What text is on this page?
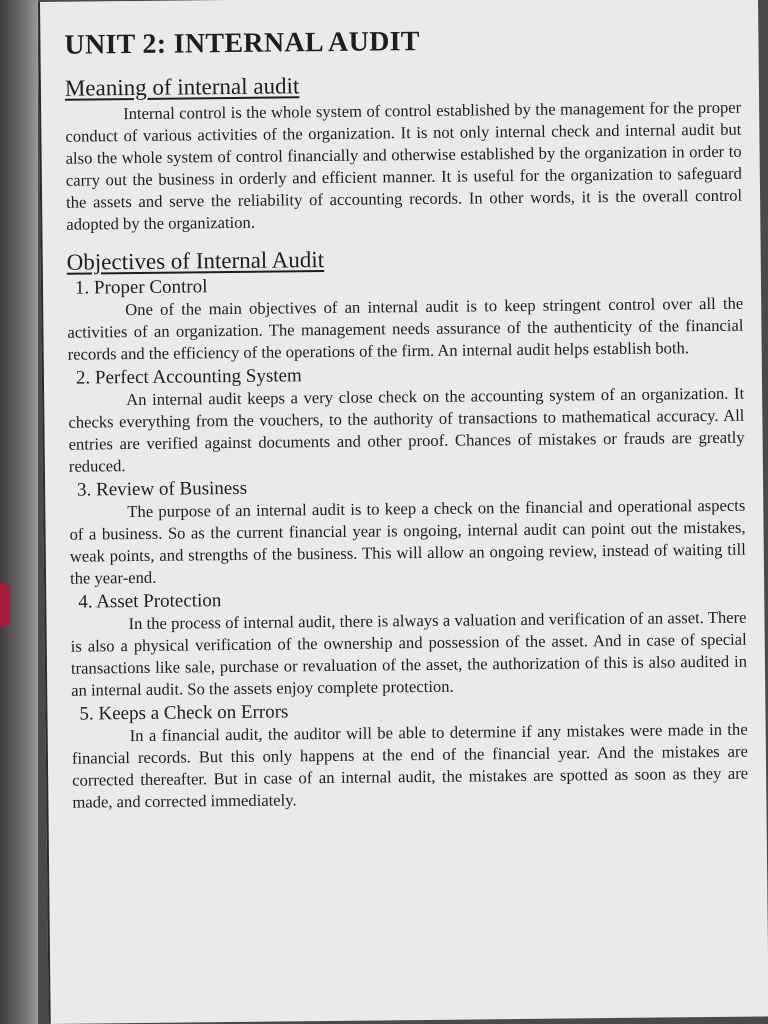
UNIT 2: INTERNAL AUDIT
Meaning of internal audit

Internal control is the whole system of control established by the management for the proper conduct of various activities of the organization. It is not only internal check and internal audit but also the whole system of control financially and otherwise established by the organization in order to carry out the business in orderly and efficient manner. It is useful for the organization to safeguard the assets and serve the reliability of accounting records. In other words, it is the overall control adopted by the organization.

Objectives of Internal Audit
1. Proper Control

One of the main objectives of an internal audit is to keep stringent control over all the activities of an organization. The management needs assurance of the authenticity of the financial records and the efficiency of the operations of the firm. An internal audit helps establish both.

2. Perfect Accounting System

An internal audit keeps a very close check on the accounting system of an organization. It checks everything from the vouchers, to the authority of transactions to mathematical accuracy. All entries are verified against documents and other proof. Chances of mistakes or frauds are greatly reduced.

3. Review of Business

The purpose of an internal audit is to keep a check on the financial and operational aspects of a business. So as the current financial year is ongoing, internal audit can point out the mistakes, weak points, and strengths of the business. This will allow an ongoing review, instead of waiting till the year-end.

4. Asset Protection

In the process of internal audit, there is always a valuation and verification of an asset. There is also a physical verification of the ownership and possession of the asset. And in case of special transactions like sale, purchase or revaluation of the asset, the authorization of this is also audited in an internal audit. So the assets enjoy complete protection.

5. Keeps a Check on Errors

In a financial audit, the auditor will be able to determine if any mistakes were made in the financial records. But this only happens at the end of the financial year. And the mistakes are corrected thereafter. But in case of an internal audit, the mistakes are spotted as soon as they are made, and corrected immediately.
